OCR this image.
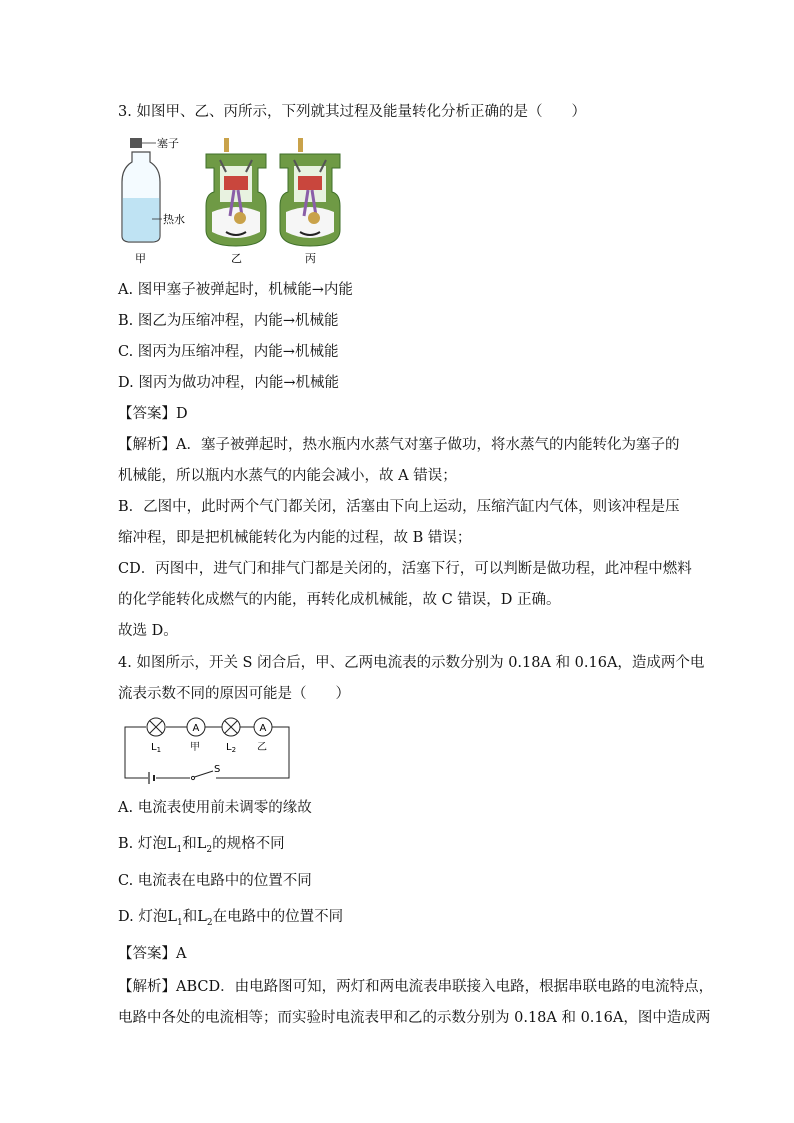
3. 如图甲、乙、丙所示，下列就其过程及能量转化分析正确的是（　　）
塞子
热水
甲	乙	丙
A. 图甲塞子被弹起时，机械能→内能
B. 图乙为压缩冲程，内能→机械能
C. 图丙为压缩冲程，内能→机械能
D. 图丙为做功冲程，内能→机械能
【答案】D
【解析】A．塞子被弹起时，热水瓶内水蒸气对塞子做功，将水蒸气的内能转化为塞子的
机械能，所以瓶内水蒸气的内能会减小，故 A 错误；
B．乙图中，此时两个气门都关闭，活塞由下向上运动，压缩汽缸内气体，则该冲程是压
缩冲程，即是把机械能转化为内能的过程，故 B 错误；
CD．丙图中，进气门和排气门都是关闭的，活塞下行，可以判断是做功程，此冲程中燃料
的化学能转化成燃气的内能，再转化成机械能，故 C 错误，D 正确。
故选 D。
4. 如图所示，开关 S 闭合后，甲、乙两电流表的示数分别为 0.18A 和 0.16A，造成两个电
流表示数不同的原因可能是（　　）
$L_1$
A
甲	$L_2$
A
乙
S
A. 电流表使用前未调零的缘故
B. 灯泡$L_1$和$L_2$的规格不同
C. 电流表在电路中的位置不同
D. 灯泡$L_1$和$L_2$在电路中的位置不同
【答案】A
【解析】ABCD．由电路图可知，两灯和两电流表串联接入电路，根据串联电路的电流特点，
电路中各处的电流相等；而实验时电流表甲和乙的示数分别为 0.18A 和 0.16A，图中造成两
